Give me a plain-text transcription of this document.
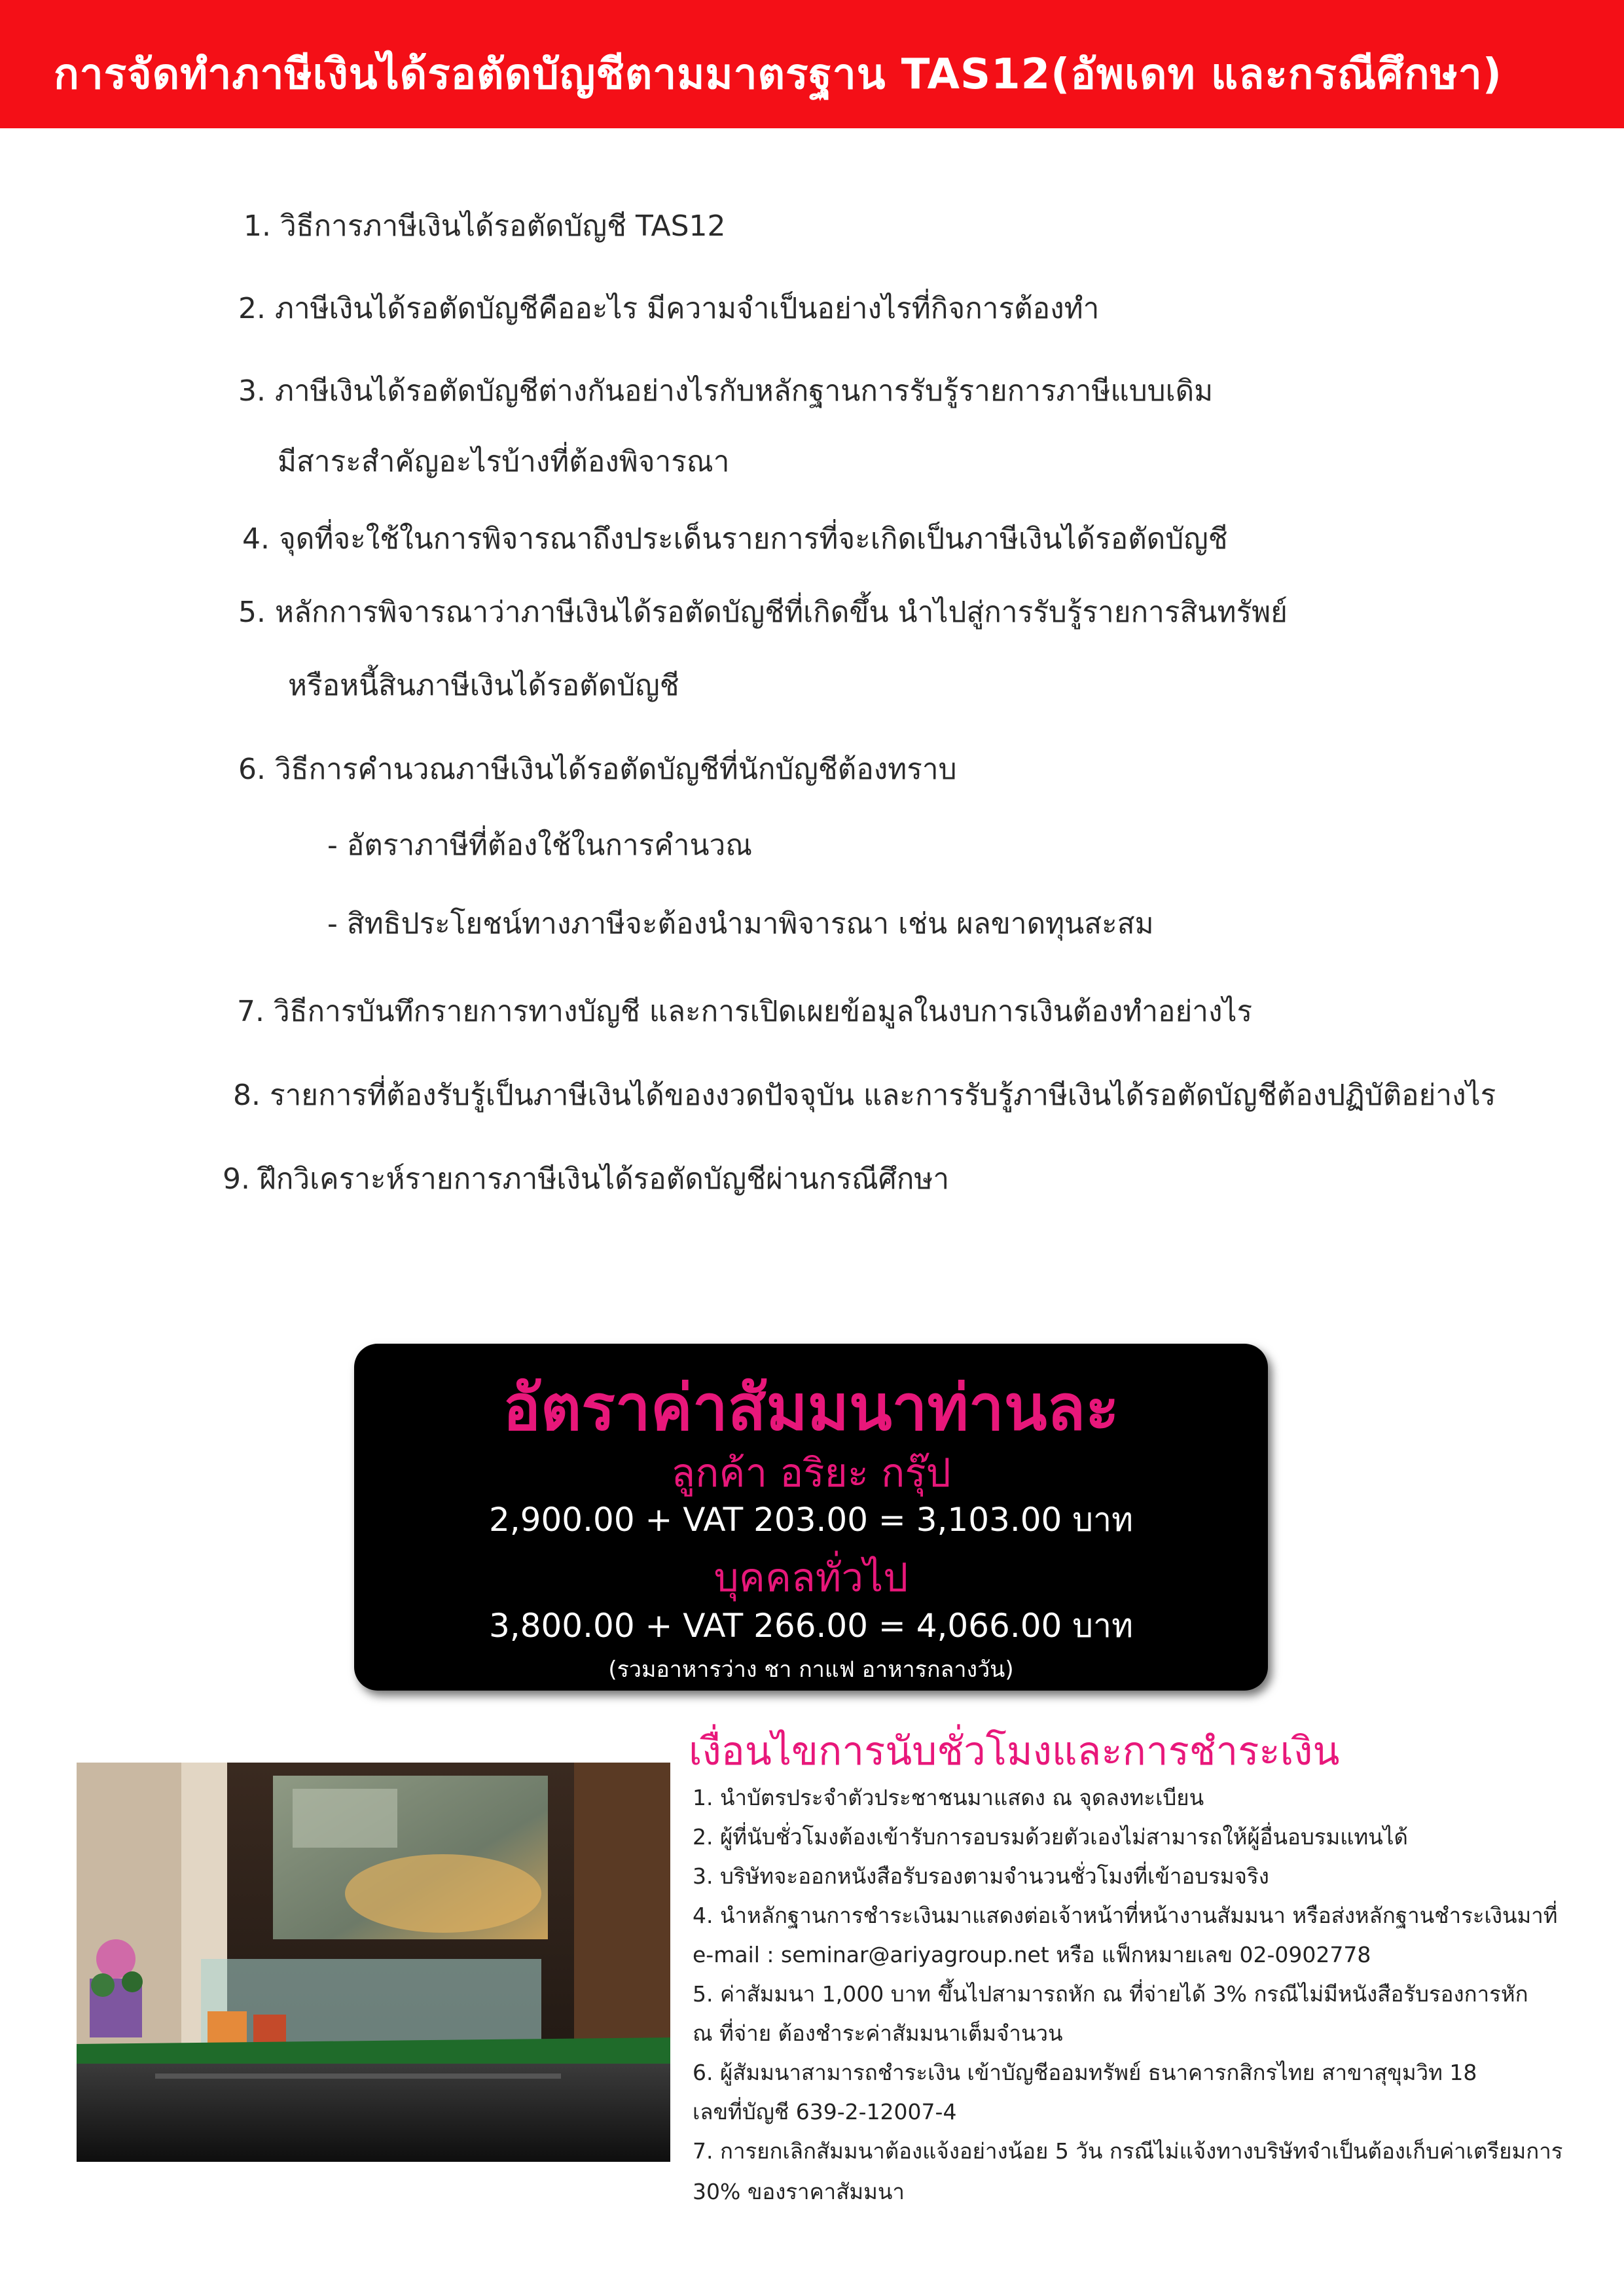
การจัดทำภาษีเงินได้รอตัดบัญชีตามมาตรฐาน TAS12(อัพเดท และกรณีศึกษา)
1. วิธีการภาษีเงินได้รอตัดบัญชี TAS12
2. ภาษีเงินได้รอตัดบัญชีคืออะไร มีความจำเป็นอย่างไรที่กิจการต้องทำ
3. ภาษีเงินได้รอตัดบัญชีต่างกันอย่างไรกับหลักฐานการรับรู้รายการภาษีแบบเดิม
มีสาระสำคัญอะไรบ้างที่ต้องพิจารณา
4. จุดที่จะใช้ในการพิจารณาถึงประเด็นรายการที่จะเกิดเป็นภาษีเงินได้รอตัดบัญชี
5. หลักการพิจารณาว่าภาษีเงินได้รอตัดบัญชีที่เกิดขึ้น นำไปสู่การรับรู้รายการสินทรัพย์
หรือหนี้สินภาษีเงินได้รอตัดบัญชี
6. วิธีการคำนวณภาษีเงินได้รอตัดบัญชีที่นักบัญชีต้องทราบ
- อัตราภาษีที่ต้องใช้ในการคำนวณ
- สิทธิประโยชน์ทางภาษีจะต้องนำมาพิจารณา เช่น ผลขาดทุนสะสม
7. วิธีการบันทึกรายการทางบัญชี และการเปิดเผยข้อมูลในงบการเงินต้องทำอย่างไร
8. รายการที่ต้องรับรู้เป็นภาษีเงินได้ของงวดปัจจุบัน และการรับรู้ภาษีเงินได้รอตัดบัญชีต้องปฏิบัติอย่างไร
9. ฝึกวิเคราะห์รายการภาษีเงินได้รอตัดบัญชีผ่านกรณีศึกษา
อัตราค่าสัมมนาท่านละ
ลูกค้า อริยะ กรุ๊ป
2,900.00 + VAT 203.00 = 3,103.00 บาท
บุคคลทั่วไป
3,800.00 + VAT 266.00 = 4,066.00 บาท
(รวมอาหารว่าง ชา กาแฟ อาหารกลางวัน)
เงื่อนไขการนับชั่วโมงและการชำระเงิน
1. นำบัตรประจำตัวประชาชนมาแสดง ณ จุดลงทะเบียน
2. ผู้ที่นับชั่วโมงต้องเข้ารับการอบรมด้วยตัวเองไม่สามารถให้ผู้อื่นอบรมแทนได้
3. บริษัทจะออกหนังสือรับรองตามจำนวนชั่วโมงที่เข้าอบรมจริง
4. นำหลักฐานการชำระเงินมาแสดงต่อเจ้าหน้าที่หน้างานสัมมนา หรือส่งหลักฐานชำระเงินมาที่
e-mail : seminar@ariyagroup.net หรือ แฟ็กหมายเลข 02-0902778
5. ค่าสัมมนา 1,000 บาท ขึ้นไปสามารถหัก ณ ที่จ่ายได้ 3% กรณีไม่มีหนังสือรับรองการหัก
ณ ที่จ่าย ต้องชำระค่าสัมมนาเต็มจำนวน
6. ผู้สัมมนาสามารถชำระเงิน เข้าบัญชีออมทรัพย์ ธนาคารกสิกรไทย สาขาสุขุมวิท 18
เลขที่บัญชี 639-2-12007-4
7. การยกเลิกสัมมนาต้องแจ้งอย่างน้อย 5 วัน กรณีไม่แจ้งทางบริษัทจำเป็นต้องเก็บค่าเตรียมการ
30% ของราคาสัมมนา
